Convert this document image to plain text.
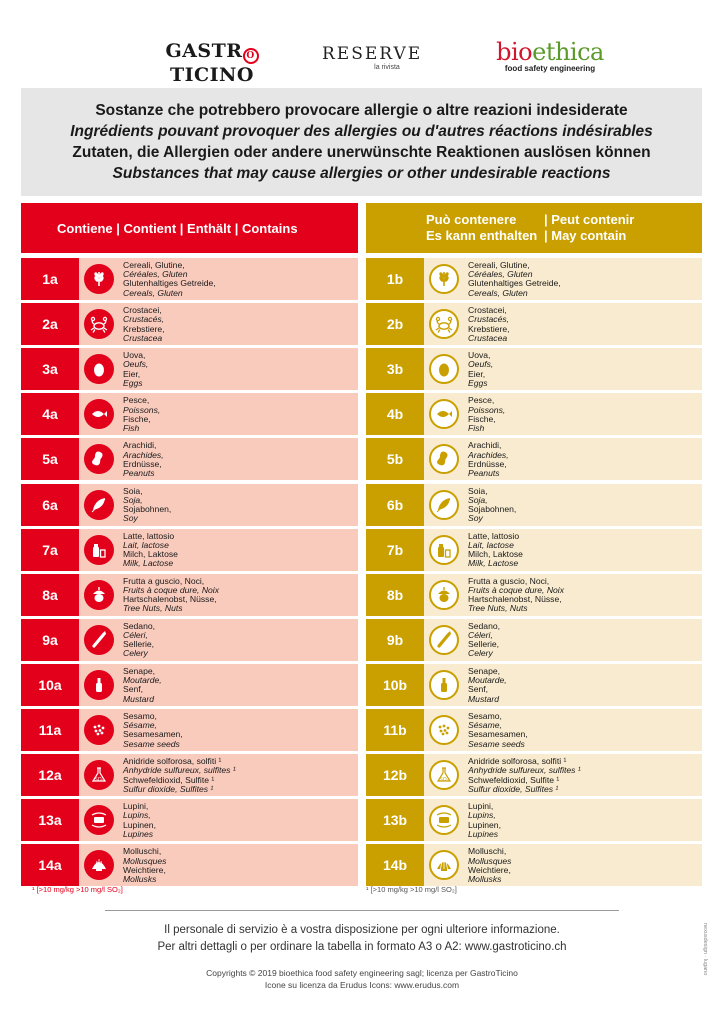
GASTR OTICINO
RESERVE
la rivista
bioethica
food safety engineering

Sostanze che potrebbero provocare allergie o altre reazioni indesiderate

Ingrédients pouvant provoquer des allergies ou d'autres réactions indésirables

Zutaten, die Allergien oder andere unerwünschte Reaktionen auslösen können

Substances that may cause allergies or other undesirable reactions

Contiene | Contient | Enthält | Contains
Può contenere	| Peut contenir
Es kann enthalten | May contain
1a
Cereali, Glutine,
Céréales, Gluten
Glutenhaltiges Getreide,
Cereals, Gluten
1b
Cereali, Glutine,
Céréales, Gluten
Glutenhaltiges Getreide,
Cereals, Gluten
2a
Crostacei,
Crustacés,
Krebstiere,
Crustacea
2b
Crostacei,
Crustacés,
Krebstiere,
Crustacea
3a
Uova,
Oeufs,
Eier,
Eggs
3b
Uova,
Oeufs,
Eier,
Eggs
4a
Pesce,
Poissons,
Fische,
Fish
4b
Pesce,
Poissons,
Fische,
Fish
5a
Arachidi,
Arachides,
Erdnüsse,
Peanuts
5b
Arachidi,
Arachides,
Erdnüsse,
Peanuts
6a
Soia,
Soja,
Sojabohnen,
Soy
6b
Soia,
Soja,
Sojabohnen,
Soy
7a
Latte, lattosio
Lait, lactose
Milch, Laktose
Milk, Lactose
7b
Latte, lattosio
Lait, lactose
Milch, Laktose
Milk, Lactose
8a
Frutta a guscio, Noci,
Fruits à coque dure, Noix
Hartschalenobst, Nüsse,
Tree Nuts, Nuts
8b
Frutta a guscio, Noci,
Fruits à coque dure, Noix
Hartschalenobst, Nüsse,
Tree Nuts, Nuts
9a
Sedano,
Céleri,
Sellerie,
Celery
9b
Sedano,
Céleri,
Sellerie,
Celery
10a
Senape,
Moutarde,
Senf,
Mustard
10b
Senape,
Moutarde,
Senf,
Mustard
11a
Sesamo,
Sésame,
Sesamesamen,
Sesame seeds
11b
Sesamo,
Sésame,
Sesamesamen,
Sesame seeds
12a	SO₂
Anidride solforosa, solfiti ¹
Anhydride sulfureux, sulfites ¹
Schwefeldioxid, Sulfite ¹
Sulfur dioxide, Sulfites ¹
12b	SO₂
Anidride solforosa, solfiti ¹
Anhydride sulfureux, sulfites ¹
Schwefeldioxid, Sulfite ¹
Sulfur dioxide, Sulfites ¹
13a
Lupini,
Lupins,
Lupinen,
Lupines
13b
Lupini,
Lupins,
Lupinen,
Lupines
14a
Molluschi,
Mollusques
Weichtiere,
Mollusks
14b
Molluschi,
Mollusques
Weichtiere,
Mollusks
¹ [>10 mg/kg >10 mg/l SO₂]	¹ [>10 mg/kg >10 mg/l SO₂]
Il personale di servizio è a vostra disposizione per ogni ulteriore informazione.
Per altri dettagli o per ordinare la tabella in formato A3 o A2: www.gastroticino.ch
Copyrights © 2019 bioethica food safety engineering sagl; licenza per GastroTicino
Icone su licenza da Erudus Icons: www.erudus.com
nexusdesign · lugano
